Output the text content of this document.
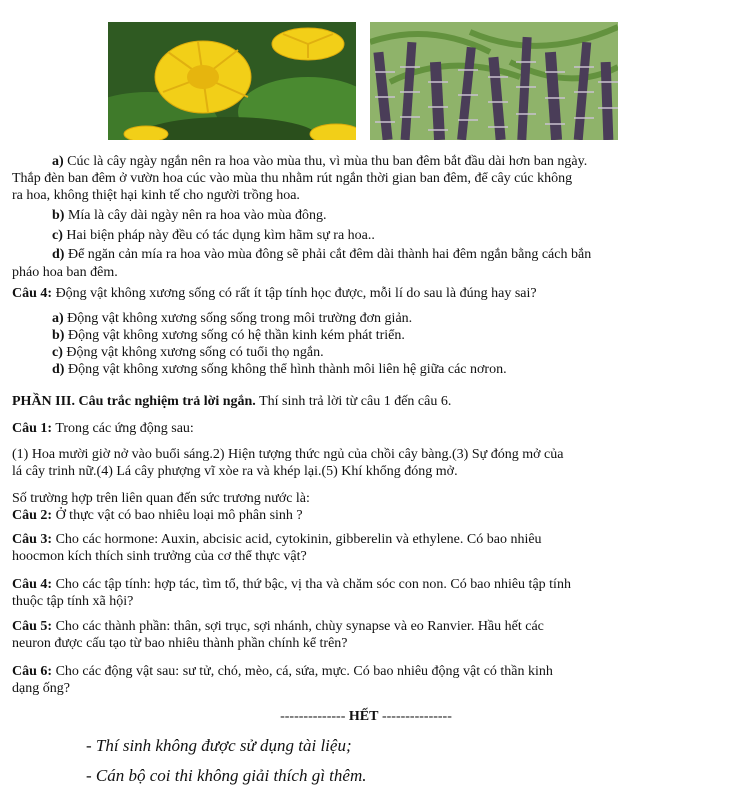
a) Cúc là cây ngày ngắn nên ra hoa vào mùa thu, vì mùa thu ban đêm bắt đầu dài hơn ban ngày.
Thắp đèn ban đêm ở vườn hoa cúc vào mùa thu nhằm rút ngắn thời gian ban đêm, để cây cúc không
ra hoa, không thiệt hại kinh tế cho người trồng hoa.
b) Mía là cây dài ngày nên ra hoa vào mùa đông.
c) Hai biện pháp này đều có tác dụng kìm hãm sự ra hoa..
d) Để ngăn cản mía ra hoa vào mùa đông sẽ phải cắt đêm dài thành hai đêm ngắn bằng cách bắn
pháo hoa ban đêm.
Câu 4: Động vật không xương sống có rất ít tập tính học được, mỗi lí do sau là đúng hay sai?
a) Động vật không xương sống sống trong môi trường đơn giản.
b) Động vật không xương sống có hệ thần kinh kém phát triển.
c) Động vật không xương sống có tuổi thọ ngắn.
d) Động vật không xương sống không thể hình thành môi liên hệ giữa các nơron.
PHẦN III. Câu trắc nghiệm trả lời ngắn. Thí sinh trả lời từ câu 1 đến câu 6.
Câu 1: Trong các ứng động sau:
(1) Hoa mười giờ nở vào buổi sáng.2) Hiện tượng thức ngủ của chồi cây bàng.(3) Sự đóng mở của
lá cây trinh nữ.(4) Lá cây phượng vĩ xòe ra và khép lại.(5) Khí khổng đóng mở.
Số trường hợp trên liên quan đến sức trương nước là:
Câu 2: Ở thực vật có bao nhiêu loại mô phân sinh ?
Câu 3: Cho các hormone: Auxin, abcisic acid, cytokinin, gibberelin và ethylene. Có bao nhiêu
hoocmon kích thích sinh trưởng của cơ thể thực vật?
Câu 4: Cho các tập tính: hợp tác, tìm tổ, thứ bậc, vị tha và chăm sóc con non. Có bao nhiêu tập tính
thuộc tập tính xã hội?
Câu 5: Cho các thành phần: thân, sợi trục, sợi nhánh, chùy synapse và eo Ranvier. Hầu hết các
neuron được cấu tạo từ bao nhiêu thành phần chính kể trên?
Câu 6: Cho các động vật sau: sư tử, chó, mèo, cá, sứa, mực. Có bao nhiêu động vật có thần kinh
dạng ống?
-------------- HẾT ---------------
- Thí sinh không được sử dụng tài liệu;
- Cán bộ coi thi không giải thích gì thêm.
